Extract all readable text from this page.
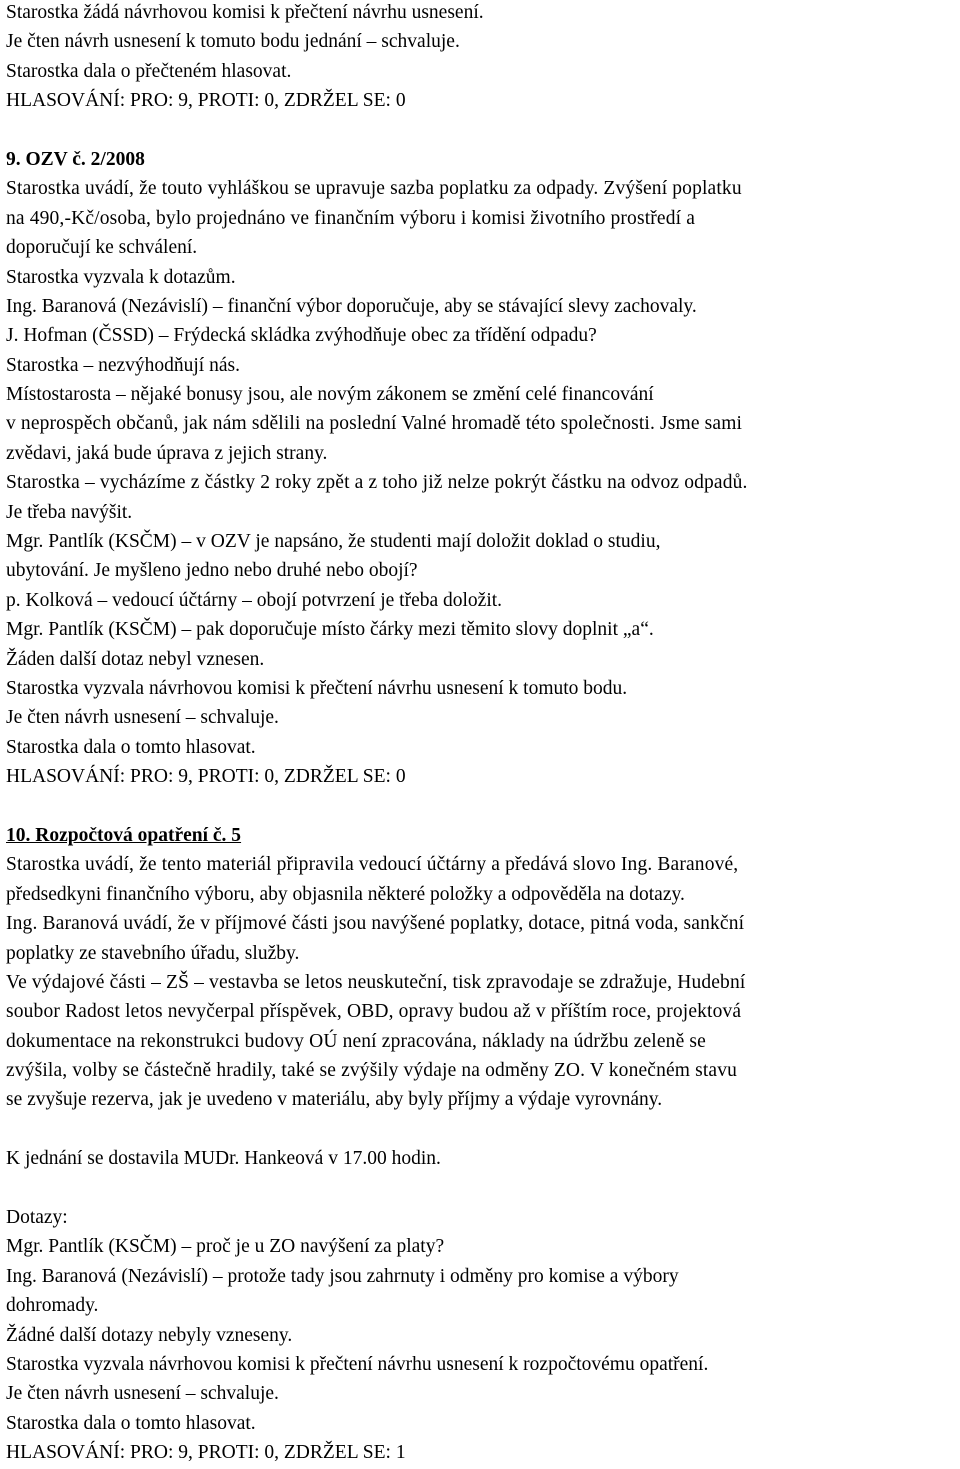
Starostka žádá návrhovou komisi k přečtení návrhu usnesení.
Je čten návrh usnesení k tomuto bodu jednání – schvaluje.
Starostka dala o přečteném hlasovat.
HLASOVÁNÍ: PRO: 9, PROTI: 0, ZDRŽEL SE: 0
9. OZV č. 2/2008
Starostka uvádí, že touto vyhláškou se upravuje sazba poplatku za odpady. Zvýšení poplatku
na 490,-Kč/osoba, bylo projednáno ve finančním výboru i komisi životního prostředí a
doporučují ke schválení.
Starostka vyzvala k dotazům.
Ing. Baranová (Nezávislí) – finanční výbor doporučuje, aby se stávající slevy zachovaly.
J. Hofman (ČSSD) – Frýdecká skládka zvýhodňuje obec za třídění odpadu?
Starostka – nezvýhodňují nás.
Místostarosta – nějaké bonusy jsou, ale novým zákonem se změní celé financování
v neprospěch občanů, jak nám sdělili na poslední Valné hromadě této společnosti. Jsme sami
zvědavi, jaká bude úprava z jejich strany.
Starostka – vycházíme z částky 2 roky zpět a z toho již nelze pokrýt částku na odvoz odpadů.
Je třeba navýšit.
Mgr. Pantlík (KSČM) – v OZV je napsáno, že studenti mají doložit doklad o studiu,
ubytování. Je myšleno jedno nebo druhé nebo obojí?
p. Kolková – vedoucí účtárny – obojí potvrzení je třeba doložit.
Mgr. Pantlík (KSČM) – pak doporučuje místo čárky mezi těmito slovy doplnit „a“.
Žáden další dotaz nebyl vznesen.
Starostka vyzvala návrhovou komisi k přečtení návrhu usnesení k tomuto bodu.
Je čten návrh usnesení – schvaluje.
Starostka dala o tomto hlasovat.
HLASOVÁNÍ: PRO: 9, PROTI: 0, ZDRŽEL SE: 0
10. Rozpočtová opatření č. 5
Starostka uvádí, že tento materiál připravila vedoucí účtárny a předává slovo Ing. Baranové,
předsedkyni finančního výboru, aby objasnila některé položky a odpověděla na dotazy.
Ing. Baranová uvádí, že v příjmové části jsou navýšené poplatky, dotace, pitná voda, sankční
poplatky ze stavebního úřadu, služby.
Ve výdajové části – ZŠ – vestavba se letos neuskuteční, tisk zpravodaje se zdražuje, Hudební
soubor Radost letos nevyčerpal příspěvek, OBD, opravy budou až v příštím roce, projektová
dokumentace na rekonstrukci budovy OÚ není zpracována, náklady na údržbu zeleně se
zvýšila, volby se částečně hradily, také se zvýšily výdaje na odměny ZO. V konečném stavu
se zvyšuje rezerva, jak je uvedeno v materiálu, aby byly příjmy a výdaje vyrovnány.
K jednání se dostavila MUDr. Hankeová v 17.00 hodin.
Dotazy:
Mgr. Pantlík (KSČM) – proč je u ZO navýšení za platy?
Ing. Baranová (Nezávislí) – protože tady jsou zahrnuty i odměny pro komise a výbory
dohromady.
Žádné další dotazy nebyly vzneseny.
Starostka vyzvala návrhovou komisi k přečtení návrhu usnesení k rozpočtovému opatření.
Je čten návrh usnesení – schvaluje.
Starostka dala o tomto hlasovat.
HLASOVÁNÍ: PRO: 9, PROTI: 0, ZDRŽEL SE: 1
